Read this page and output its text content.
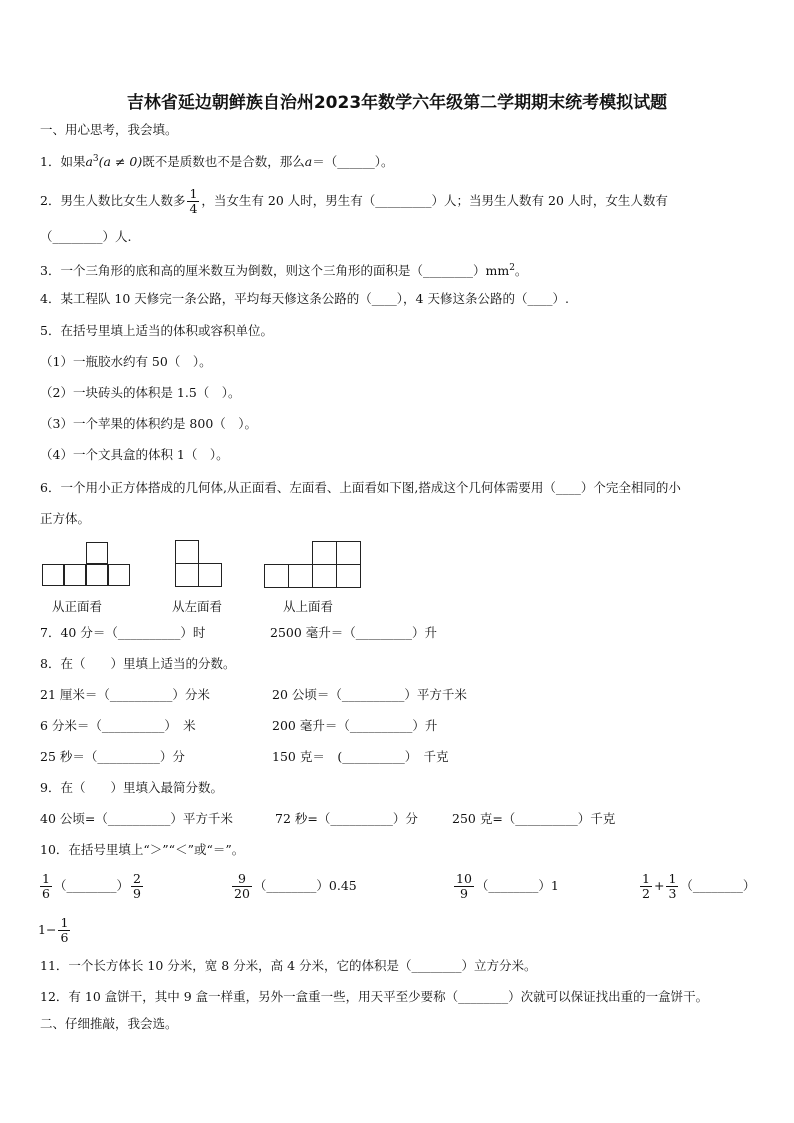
吉林省延边朝鲜族自治州2023年数学六年级第二学期期末统考模拟试题
一、用心思考，我会填。
1．如果$a^3(a \ne 0)$既不是质数也不是合数，那么a＝（______）。
2．男生人数比女生人数多 $\frac{1}{4}$ ，当女生有 20 人时，男生有（_________）人；当男生人数有 20 人时，女生人数有
（________）人.
3．一个三角形的底和高的厘米数互为倒数，则这个三角形的面积是$(\_\_\_\_\_\_\_\_)mm^2$。
4．某工程队 10 天修完一条公路，平均每天修这条公路的（____），4 天修这条公路的（____）.
5．在括号里填上适当的体积或容积单位。
（1）一瓶胶水约有 50（　）。
（2）一块砖头的体积是 1.5（　）。
（3）一个苹果的体积约是 800（　）。
（4）一个文具盒的体积 1（　）。
6．一个用小正方体搭成的几何体,从正面看、左面看、上面看如下图,搭成这个几何体需要用（____）个完全相同的小
正方体。
从正面看	从左面看	从上面看
7．40 分＝（__________）时	2500 毫升＝（_________）升
8．在（　　）里填上适当的分数。
21 厘米＝（__________）分米	20 公顷＝（__________）平方千米
6 分米＝（__________）　米	200 毫升＝（__________）升
25 秒＝（__________）分	150 克＝　(__________）　千克
9．在（　　）里填入最简分数。
40 公顷=（__________）平方千米	72 秒=（__________）分	250 克=（__________）千克
10．在括号里填上“＞”“＜”或“＝”。
$\frac{1}{6}$ （________） $\frac{2}{9}$	$\frac{9}{20}$ （________）0.45	$\frac{10}{9}$ （________）1	$\frac{1}{2} + \frac{1}{3}$ （________）
$1- \frac{1}{6}$
11．一个长方体长 10 分米，宽 8 分米，高 4 分米，它的体积是（________）立方分米。
12．有 10 盒饼干，其中 9 盒一样重，另外一盒重一些，用天平至少要称（________）次就可以保证找出重的一盒饼干。
二、仔细推敲，我会选。
